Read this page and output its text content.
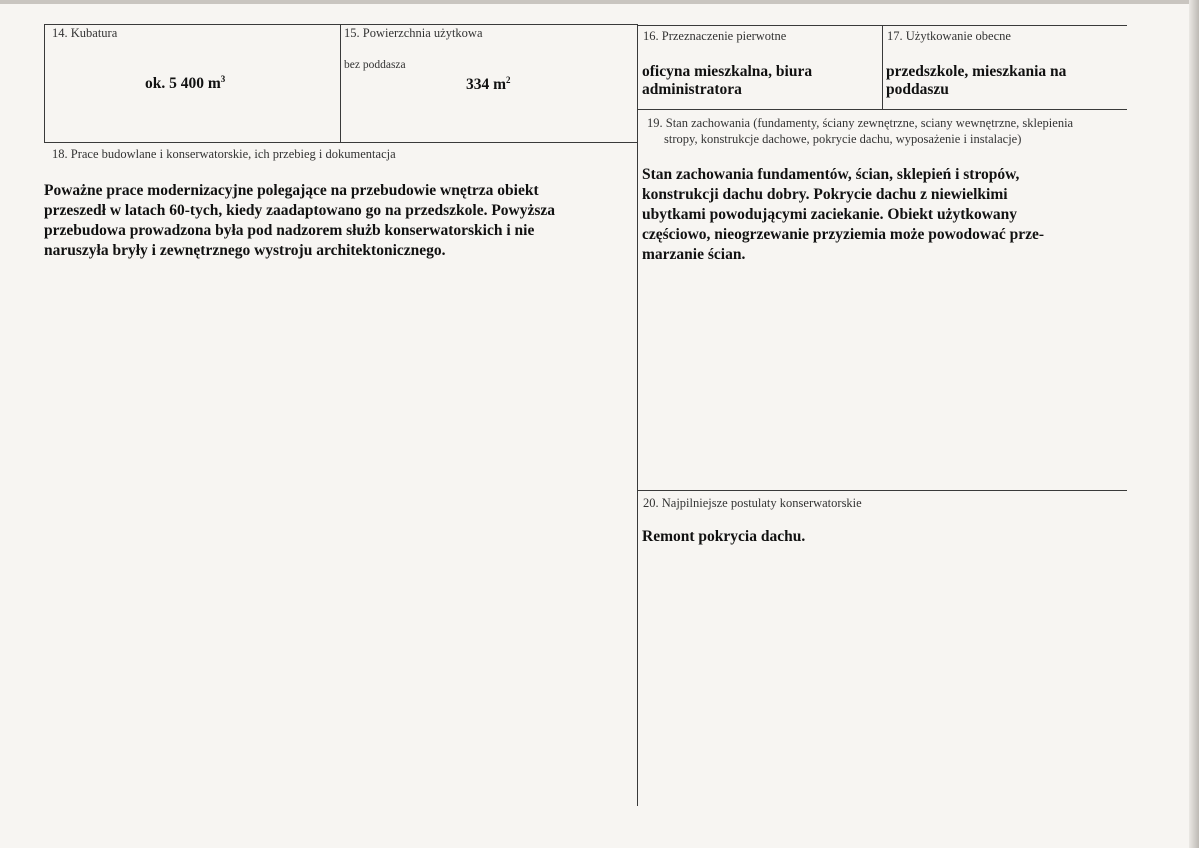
14. Kubatura
ok. 5 400 $m^3$
15. Powierzchnia użytkowa
bez poddasza
334 $m^2$
16. Przeznaczenie pierwotne
oficyna mieszkalna, biura
administratora
17. Użytkowanie obecne
przedszkole, mieszkania na
poddaszu
18. Prace budowlane i konserwatorskie, ich przebieg i dokumentacja
Poważne prace modernizacyjne polegające na przebudowie wnętrza obiekt
przeszedł w latach 60-tych, kiedy zaadaptowano go na przedszkole. Powyższa
przebudowa prowadzona była pod nadzorem służb konserwatorskich i nie
naruszyła bryły i zewnętrznego wystroju architektonicznego.
19. Stan zachowania (fundamenty, ściany zewnętrzne, sciany wewnętrzne, sklepienia
stropy, konstrukcje dachowe, pokrycie dachu, wyposażenie i instalacje)
Stan zachowania fundamentów, ścian, sklepień i stropów,
konstrukcji dachu dobry. Pokrycie dachu z niewielkimi
ubytkami powodującymi zaciekanie. Obiekt użytkowany
częściowo, nieogrzewanie przyziemia może powodować prze-
marzanie ścian.
20. Najpilniejsze postulaty konserwatorskie
Remont pokrycia dachu.
